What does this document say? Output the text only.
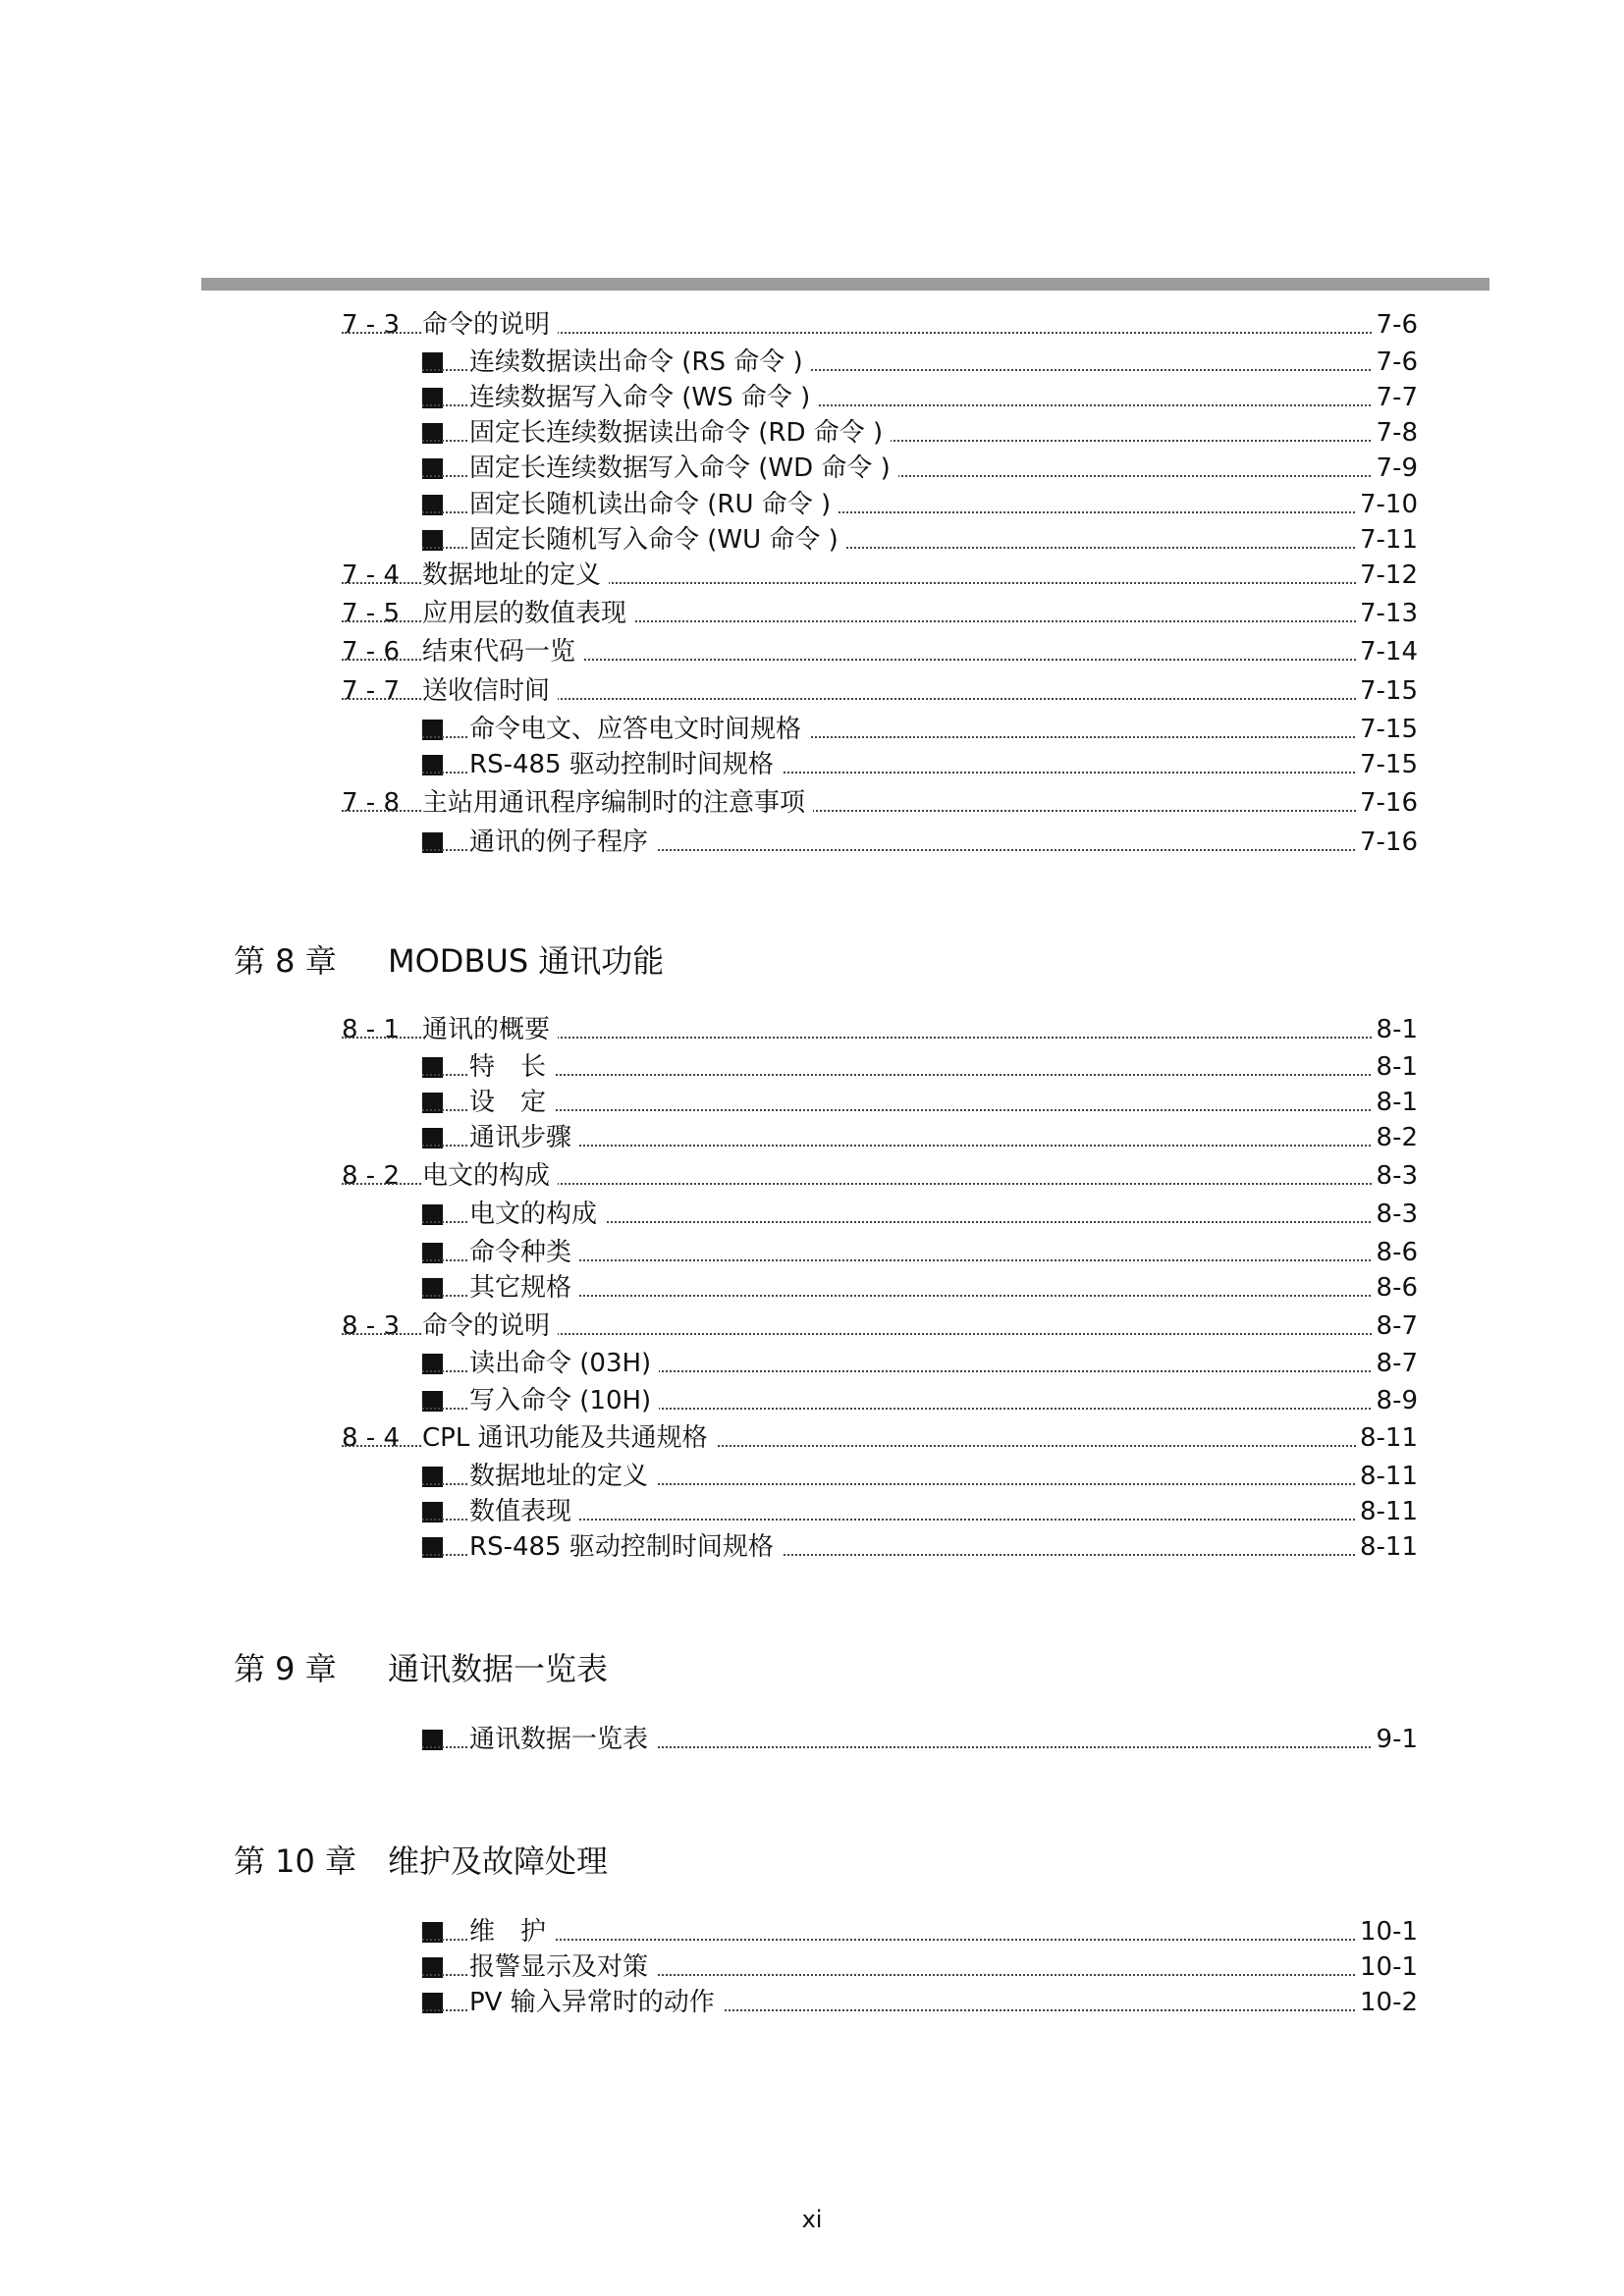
7 - 3 命令的说明	7-6
连续数据读出命令 (RS 命令 )	7-6
连续数据写入命令 (WS 命令 )	7-7
固定长连续数据读出命令 (RD 命令 )	7-8
固定长连续数据写入命令 (WD 命令 )	7-9
固定长随机读出命令 (RU 命令 )	7-10
固定长随机写入命令 (WU 命令 )	7-11
7 - 4 数据地址的定义	7-12
7 - 5 应用层的数值表现	7-13
7 - 6 结束代码一览	7-14
7 - 7 送收信时间	7-15
命令电文、应答电文时间规格	7-15
RS-485 驱动控制时间规格	7-15
7 - 8 主站用通讯程序编制时的注意事项	7-16
通讯的例子程序	7-16
第 8 章 MODBUS 通讯功能
8 - 1 通讯的概要	8-1
特　长	8-1
设　定	8-1
通讯步骤	8-2
8 - 2 电文的构成	8-3
电文的构成	8-3
命令种类	8-6
其它规格	8-6
8 - 3 命令的说明	8-7
读出命令 (03H)	8-7
写入命令 (10H)	8-9
8 - 4 CPL 通讯功能及共通规格	8-11
数据地址的定义	8-11
数值表现	8-11
RS-485 驱动控制时间规格	8-11
第 9 章 通讯数据一览表
通讯数据一览表	9-1
第 10 章 维护及故障处理
维　护	10-1
报警显示及对策	10-1
PV 输入异常时的动作	10-2
xi
